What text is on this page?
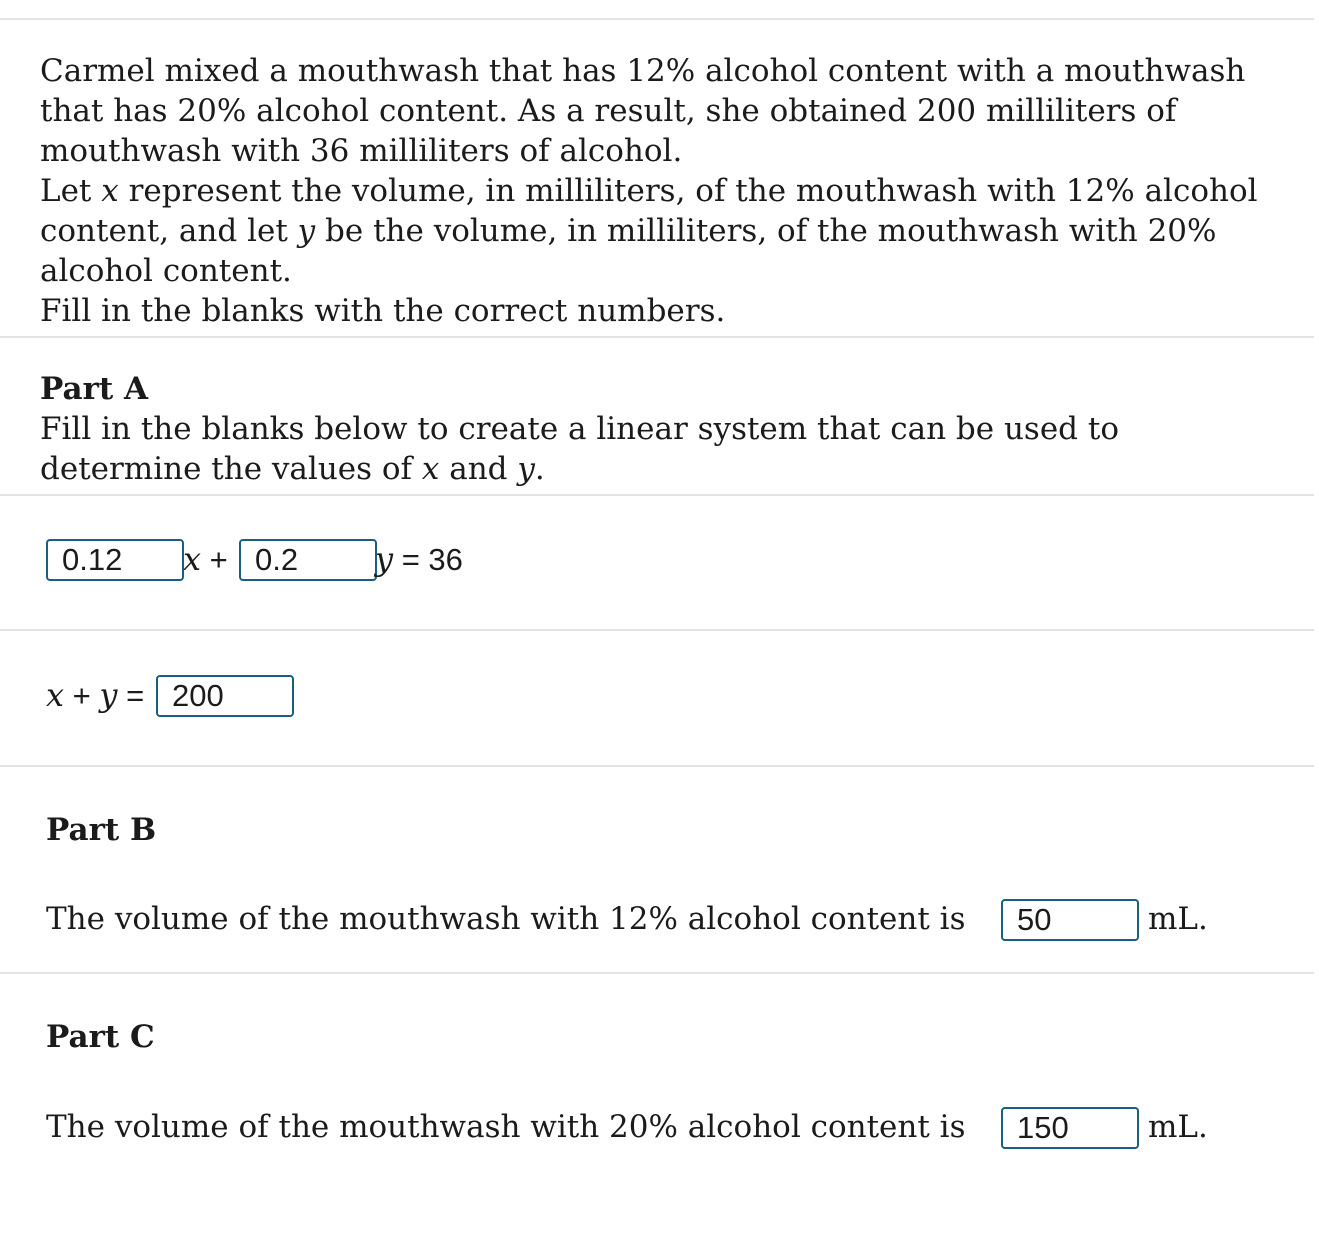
Carmel mixed a mouthwash that has 12% alcohol content with a mouthwash

that has 20% alcohol content. As a result, she obtained 200 milliliters of

mouthwash with 36 milliliters of alcohol.

Let x represent the volume, in milliliters, of the mouthwash with 12% alcohol

content, and let y be the volume, in milliliters, of the mouthwash with 20%

alcohol content.

Fill in the blanks with the correct numbers.

Part A

Fill in the blanks below to create a linear system that can be used to

determine the values of x and y.

0.12	x + 0.2	y = 36
x + y = 200
Part B
The volume of the mouthwash with 12% alcohol content is	50	mL.
Part C
The volume of the mouthwash with 20% alcohol content is	150	mL.
